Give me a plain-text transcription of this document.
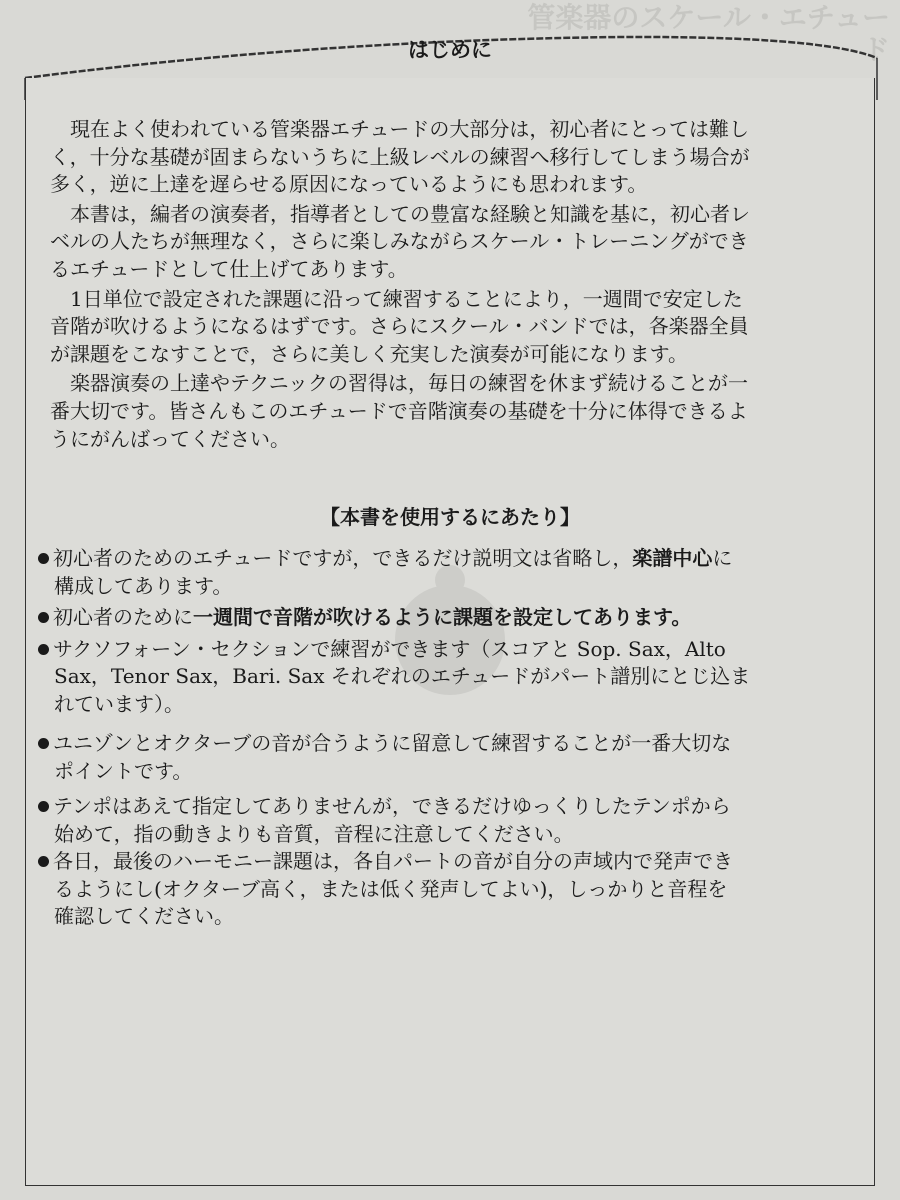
管楽器のスケール・エチュード
はじめに
現在よく使われている管楽器エチュードの大部分は，初心者にとっては難し
く，十分な基礎が固まらないうちに上級レベルの練習へ移行してしまう場合が
多く，逆に上達を遅らせる原因になっているようにも思われます。
本書は，編者の演奏者，指導者としての豊富な経験と知識を基に，初心者レ
ベルの人たちが無理なく，さらに楽しみながらスケール・トレーニングができ
るエチュードとして仕上げてあります。
1日単位で設定された課題に沿って練習することにより，一週間で安定した
音階が吹けるようになるはずです。さらにスクール・バンドでは，各楽器全員
が課題をこなすことで，さらに美しく充実した演奏が可能になります。
楽器演奏の上達やテクニックの習得は，毎日の練習を休まず続けることが一
番大切です。皆さんもこのエチュードで音階演奏の基礎を十分に体得できるよ
うにがんばってください。
【本書を使用するにあたり】
初心者のためのエチュードですが，できるだけ説明文は省略し，楽譜中心に
構成してあります。
初心者のために一週間で音階が吹けるように課題を設定してあります。
サクソフォーン・セクションで練習ができます（スコアと Sop. Sax，Alto
Sax，Tenor Sax，Bari. Sax それぞれのエチュードがパート譜別にとじ込ま
れています）。
ユニゾンとオクターブの音が合うように留意して練習することが一番大切な
ポイントです。
テンポはあえて指定してありませんが，できるだけゆっくりしたテンポから
始めて，指の動きよりも音質，音程に注意してください。
各日，最後のハーモニー課題は，各自パートの音が自分の声域内で発声でき
るようにし(オクターブ高く，または低く発声してよい)，しっかりと音程を
確認してください。
